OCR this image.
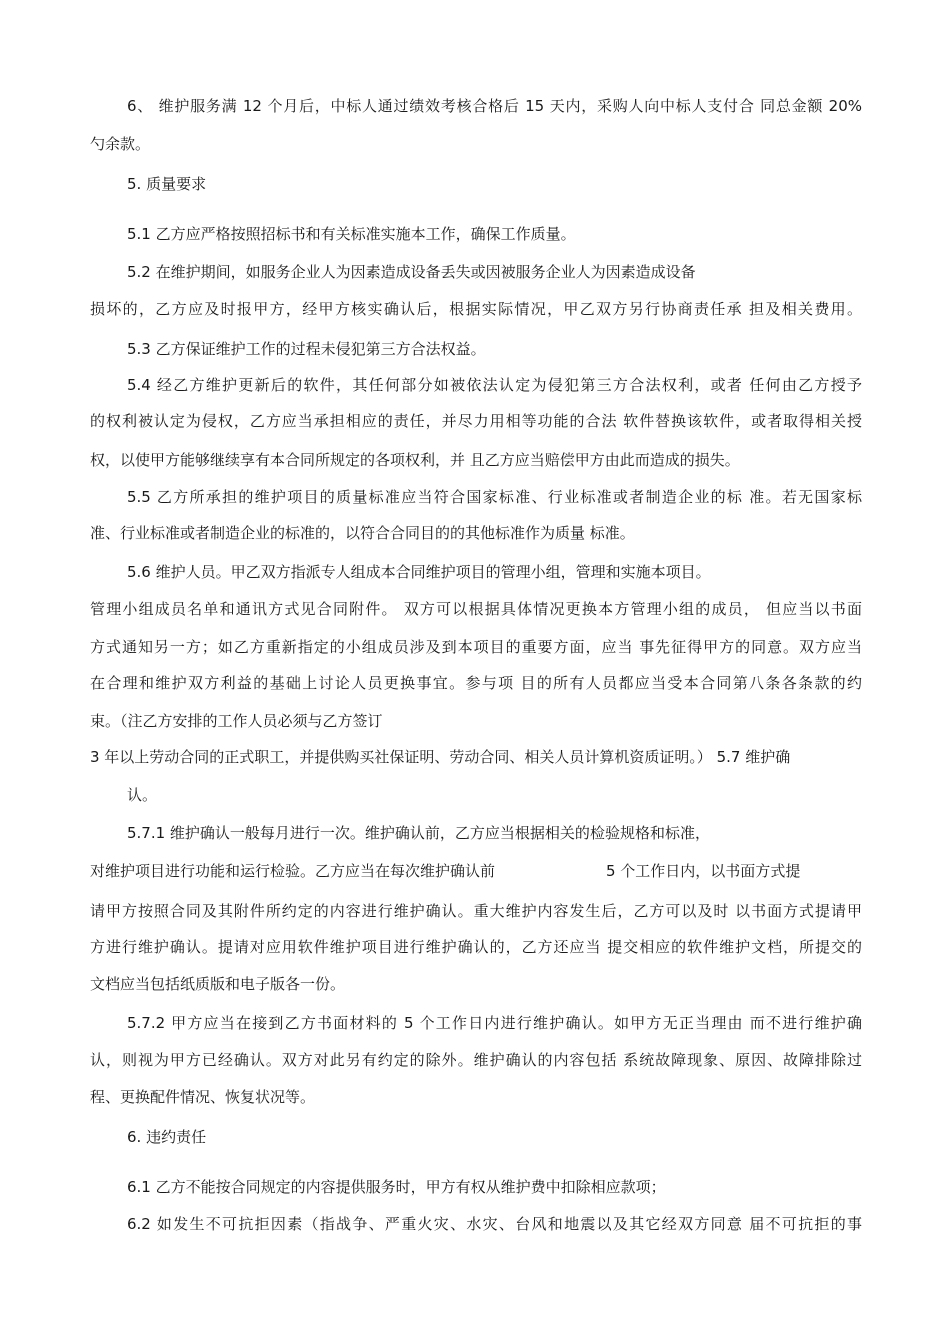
6、 维护服务满 12 个月后，中标人通过绩效考核合格后 15 天内，采购人向中标人支付合 同总金额 20%
勺余款。
5. 质量要求
5.1 乙方应严格按照招标书和有关标准实施本工作，确保工作质量。
5.2 在维护期间，如服务企业人为因素造成设备丢失或因被服务企业人为因素造成设备
损坏的，乙方应及时报甲方，经甲方核实确认后，根据实际情况，甲乙双方另行协商责任承 担及相关费用。
5.3 乙方保证维护工作的过程未侵犯第三方合法权益。
5.4 经乙方维护更新后的软件，其任何部分如被依法认定为侵犯第三方合法权利，或者 任何由乙方授予
的权利被认定为侵权，乙方应当承担相应的责任，并尽力用相等功能的合法 软件替换该软件，或者取得相关授
权，以使甲方能够继续享有本合同所规定的各项权利，并 且乙方应当赔偿甲方由此而造成的损失。
5.5 乙方所承担的维护项目的质量标准应当符合国家标准、行业标准或者制造企业的标 准。若无国家标
准、行业标准或者制造企业的标准的，以符合合同目的的其他标准作为质量 标准。
5.6 维护人员。甲乙双方指派专人组成本合同维护项目的管理小组，管理和实施本项目。
管理小组成员名单和通讯方式见合同附件。 双方可以根据具体情况更换本方管理小组的成员， 但应当以书面
方式通知另一方；如乙方重新指定的小组成员涉及到本项目的重要方面，应当 事先征得甲方的同意。双方应当
在合理和维护双方利益的基础上讨论人员更换事宜。参与项 目的所有人员都应当受本合同第八条各条款的约
束。（注乙方安排的工作人员必须与乙方签订
3 年以上劳动合同的正式职工，并提供购买社保证明、劳动合同、相关人员计算机资质证明。） 5.7 维护确
认。
5.7.1 维护确认一般每月进行一次。维护确认前，乙方应当根据相关的检验规格和标准，
对维护项目进行功能和运行检验。乙方应当在每次维护确认前	5 个工作日内，以书面方式提
请甲方按照合同及其附件所约定的内容进行维护确认。重大维护内容发生后，乙方可以及时 以书面方式提请甲
方进行维护确认。提请对应用软件维护项目进行维护确认的，乙方还应当 提交相应的软件维护文档，所提交的
文档应当包括纸质版和电子版各一份。
5.7.2 甲方应当在接到乙方书面材料的 5 个工作日内进行维护确认。如甲方无正当理由 而不进行维护确
认，则视为甲方已经确认。双方对此另有约定的除外。维护确认的内容包括 系统故障现象、原因、故障排除过
程、更换配件情况、恢复状况等。
6. 违约责任
6.1 乙方不能按合同规定的内容提供服务时，甲方有权从维护费中扣除相应款项；
6.2 如发生不可抗拒因素（指战争、严重火灾、水灾、台风和地震以及其它经双方同意 届不可抗拒的事
